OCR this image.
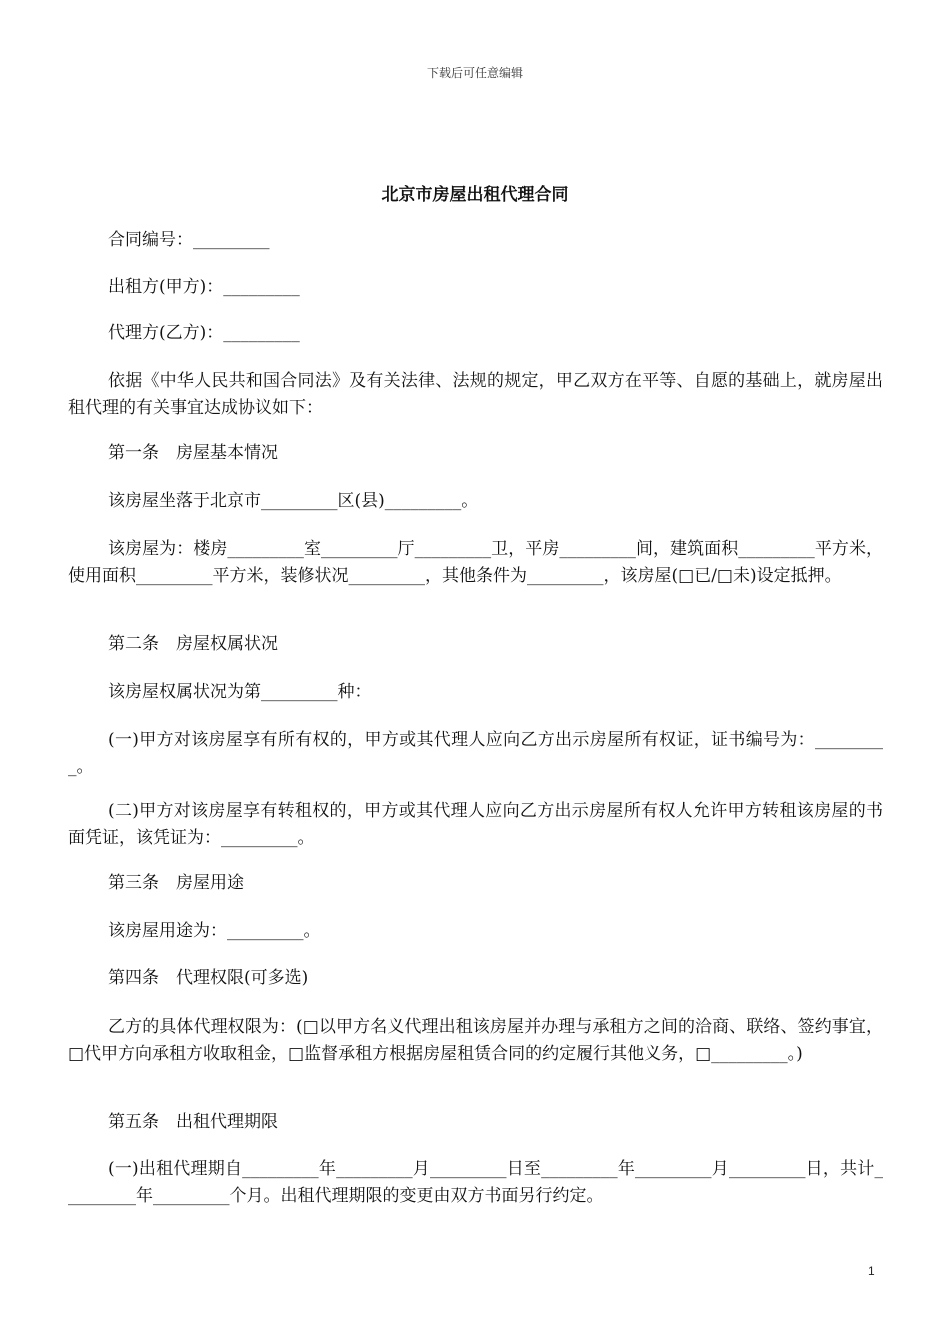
下载后可任意编辑
北京市房屋出租代理合同

合同编号：_________

出租方(甲方)：_________

代理方(乙方)：_________

依据《中华人民共和国合同法》及有关法律、法规的规定，甲乙双方在平等、自愿的基础上，就房屋出租代理的有关事宜达成协议如下：

第一条　房屋基本情况

该房屋坐落于北京市_________区(县)_________。

该房屋为：楼房_________室_________厅_________卫，平房_________间，建筑面积_________平方米，使用面积_________平方米，装修状况_________，其他条件为_________，该房屋(□已/□未)设定抵押。

第二条　房屋权属状况

该房屋权属状况为第_________种：

(一)甲方对该房屋享有所有权的，甲方或其代理人应向乙方出示房屋所有权证，证书编号为：_________。

(二)甲方对该房屋享有转租权的，甲方或其代理人应向乙方出示房屋所有权人允许甲方转租该房屋的书面凭证，该凭证为：_________。

第三条　房屋用途

该房屋用途为：_________。

第四条　代理权限(可多选)

乙方的具体代理权限为：(□以甲方名义代理出租该房屋并办理与承租方之间的洽商、联络、签约事宜，□代甲方向承租方收取租金，□监督承租方根据房屋租赁合同的约定履行其他义务，□_________。)

第五条　出租代理期限

(一)出租代理期自_________年_________月_________日至_________年_________月_________日，共计_________年_________个月。出租代理期限的变更由双方书面另行约定。

1
